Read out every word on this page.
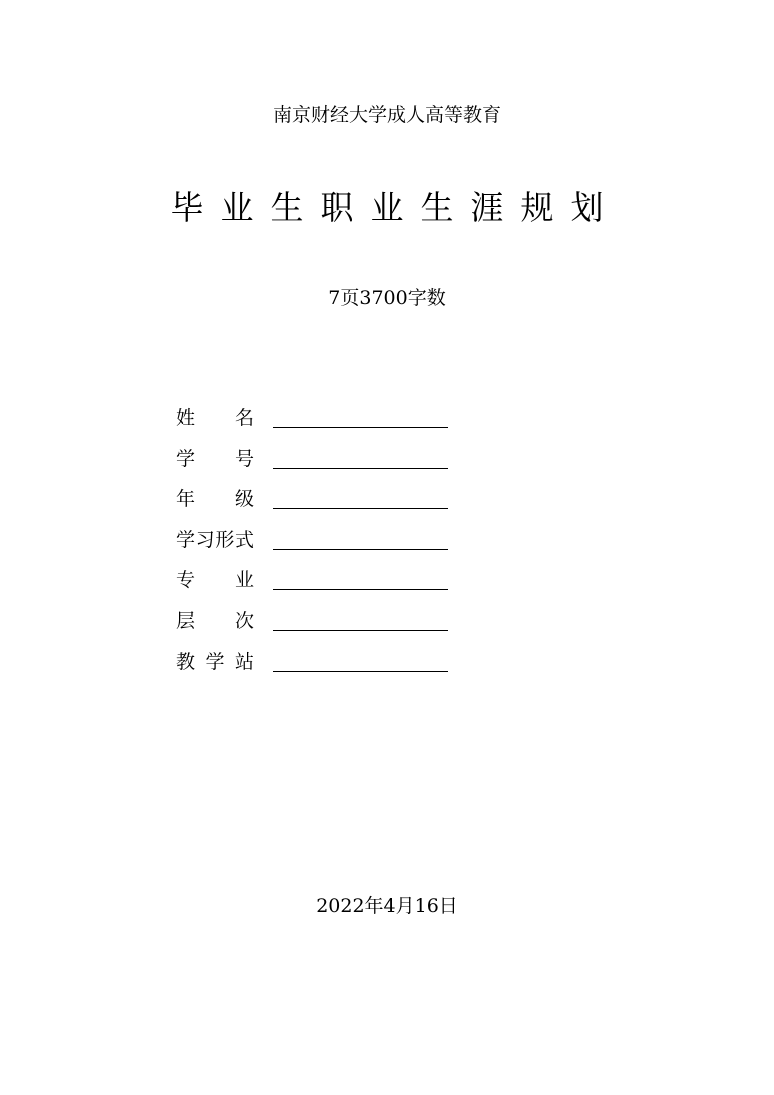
南京财经大学成人高等教育
毕业生职业生涯规划
7页3700字数
姓 名
学 号
年 级
学 习 形 式
专 业
层 次
教 学 站
2022年4月16日
